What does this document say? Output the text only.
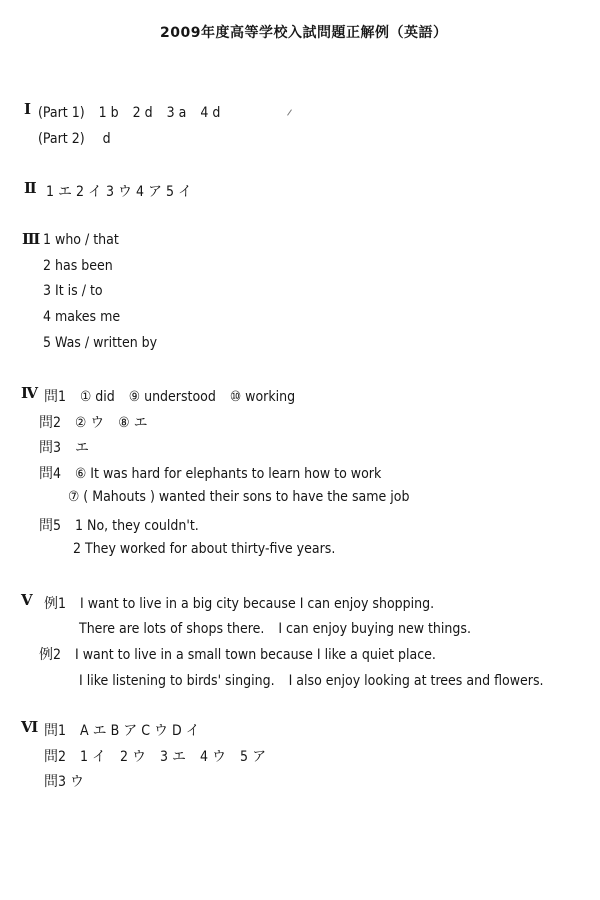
2009年度高等学校入試問題正解例（英語）
Ⅰ (Part 1)　1 b　2 d　3 a　4 d
(Part 2)　 d
Ⅱ 1 エ 2 イ 3 ウ 4 ア 5 イ
Ⅲ 1 who / that
2 has been
3 It is / to
4 makes me
5 Was / written by
Ⅳ 問1　① did　⑨ understood　⑩ working
問2　② ウ　⑧ エ
問3　エ
問4　⑥ It was hard for elephants to learn how to work
⑦ ( Mahouts ) wanted their sons to have the same job
問5　1 No, they couldn't.
2 They worked for about thirty-five years.
Ⅴ 例1　I want to live in a big city because I can enjoy shopping.
There are lots of shops there.　I can enjoy buying new things.
例2　I want to live in a small town because I like a quiet place.
I like listening to birds' singing.　I also enjoy looking at trees and flowers.
Ⅵ 問1　A エ B ア C ウ D イ
問2　1 イ　2 ウ　3 エ　4 ウ　5 ア
問3 ウ
